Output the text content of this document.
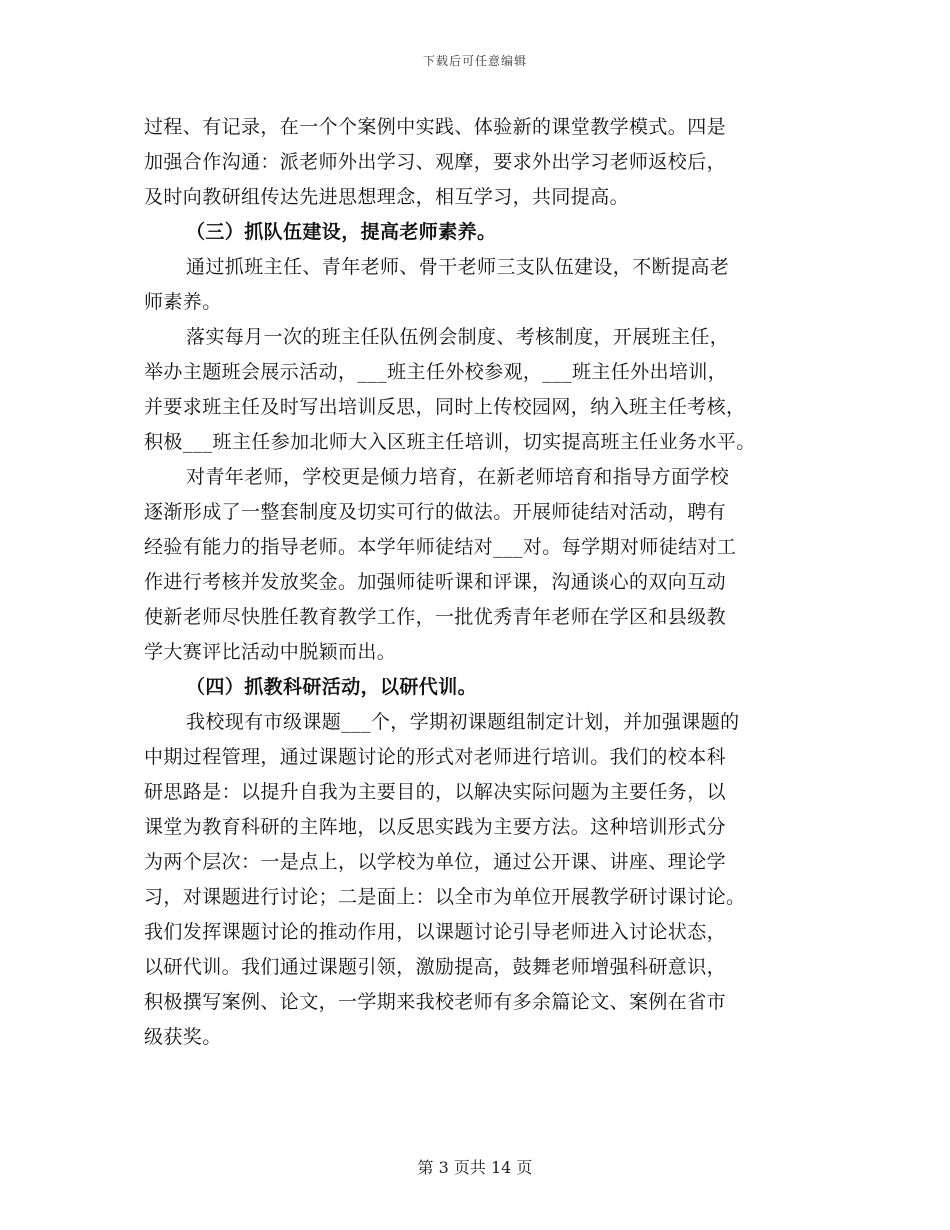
下载后可任意编辑
过程、有记录，在一个个案例中实践、体验新的课堂教学模式。四是
加强合作沟通：派老师外出学习、观摩，要求外出学习老师返校后，
及时向教研组传达先进思想理念，相互学习，共同提高。
（三）抓队伍建设，提高老师素养。
通过抓班主任、青年老师、骨干老师三支队伍建设，不断提高老
师素养。
落实每月一次的班主任队伍例会制度、考核制度，开展班主任，
举办主题班会展示活动，___班主任外校参观，___班主任外出培训，
并要求班主任及时写出培训反思，同时上传校园网，纳入班主任考核，
积极___班主任参加北师大入区班主任培训，切实提高班主任业务水平。
对青年老师，学校更是倾力培育，在新老师培育和指导方面学校
逐渐形成了一整套制度及切实可行的做法。开展师徒结对活动，聘有
经验有能力的指导老师。本学年师徒结对___对。每学期对师徒结对工
作进行考核并发放奖金。加强师徒听课和评课，沟通谈心的双向互动
使新老师尽快胜任教育教学工作，一批优秀青年老师在学区和县级教
学大赛评比活动中脱颖而出。
（四）抓教科研活动，以研代训。
我校现有市级课题___个，学期初课题组制定计划，并加强课题的
中期过程管理，通过课题讨论的形式对老师进行培训。我们的校本科
研思路是：以提升自我为主要目的，以解决实际问题为主要任务，以
课堂为教育科研的主阵地，以反思实践为主要方法。这种培训形式分
为两个层次：一是点上，以学校为单位，通过公开课、讲座、理论学
习，对课题进行讨论；二是面上：以全市为单位开展教学研讨课讨论。
我们发挥课题讨论的推动作用，以课题讨论引导老师进入讨论状态，
以研代训。我们通过课题引领，激励提高，鼓舞老师增强科研意识，
积极撰写案例、论文，一学期来我校老师有多余篇论文、案例在省市
级获奖。
第 3 页共 14 页
